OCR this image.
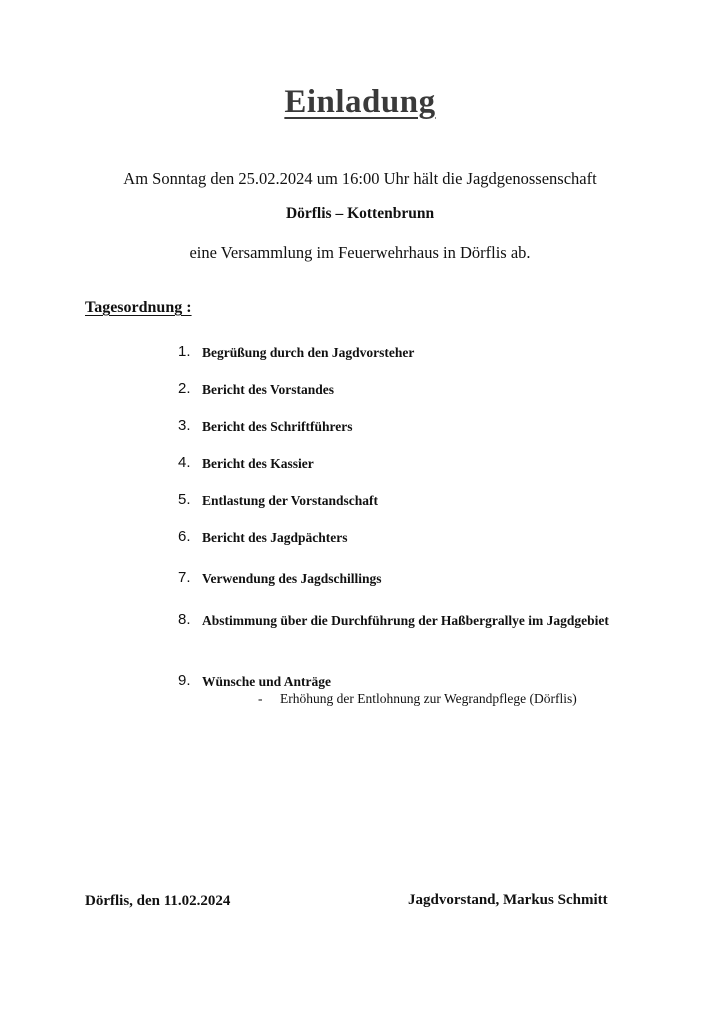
Einladung
Am Sonntag den 25.02.2024 um 16:00 Uhr hält die Jagdgenossenschaft
Dörflis – Kottenbrunn
eine Versammlung im Feuerwehrhaus in Dörflis ab.
Tagesordnung :
1. Begrüßung durch den Jagdvorsteher
2. Bericht des Vorstandes
3. Bericht des Schriftführers
4. Bericht des Kassier
5. Entlastung der Vorstandschaft
6. Bericht des Jagdpächters
7. Verwendung des Jagdschillings
8. Abstimmung über die Durchführung der Haßbergrallye im Jagdgebiet
9. Wünsche und Anträge
- Erhöhung der Entlohnung zur Wegrandpflege (Dörflis)
Dörflis, den 11.02.2024	Jagdvorstand, Markus Schmitt
